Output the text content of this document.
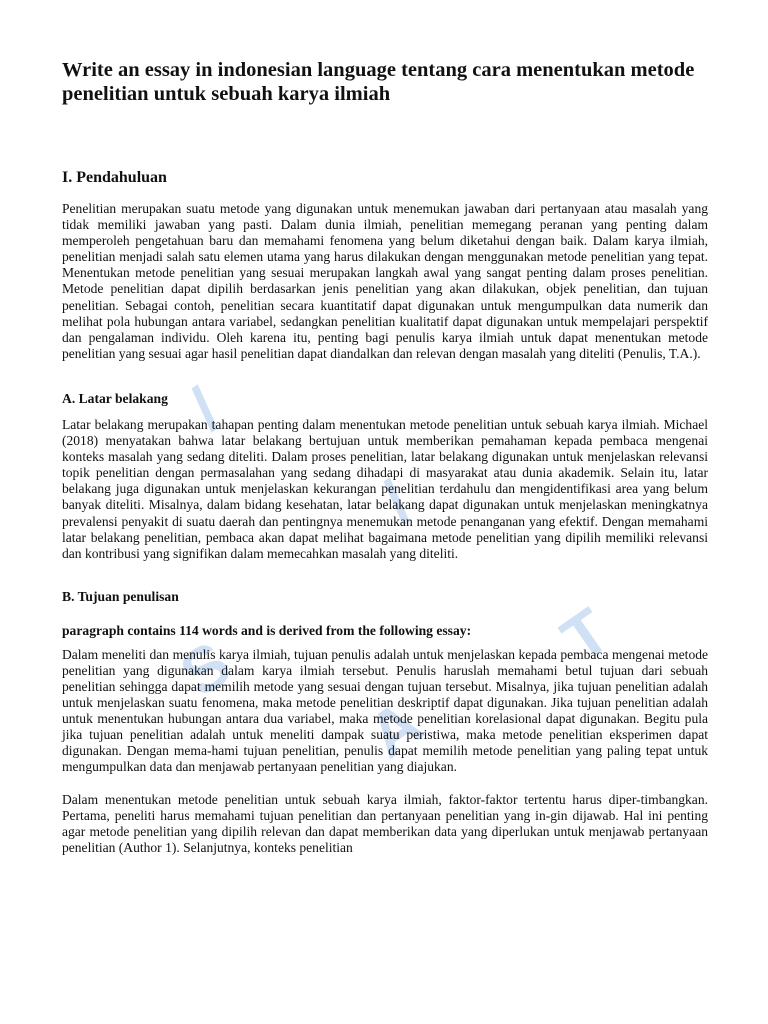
/
/
S
A
T
Write an essay in indonesian language tentang cara menentukan metode penelitian untuk sebuah karya ilmiah
I. Pendahuluan

Penelitian merupakan suatu metode yang digunakan untuk menemukan jawaban dari pertanyaan atau masalah yang tidak memiliki jawaban yang pasti. Dalam dunia ilmiah, penelitian memegang peranan yang penting dalam memperoleh pengetahuan baru dan memahami fenomena yang belum diketahui dengan baik. Dalam karya ilmiah, penelitian menjadi salah satu elemen utama yang harus dilakukan dengan menggunakan metode penelitian yang tepat. Menentukan metode penelitian yang sesuai merupakan langkah awal yang sangat penting dalam proses penelitian. Metode penelitian dapat dipilih berdasarkan jenis penelitian yang akan dilakukan, objek penelitian, dan tujuan penelitian. Sebagai contoh, penelitian secara kuantitatif dapat digunakan untuk mengumpulkan data numerik dan melihat pola hubungan antara variabel, sedangkan penelitian kualitatif dapat digunakan untuk mempelajari perspektif dan pengalaman individu. Oleh karena itu, penting bagi penulis karya ilmiah untuk dapat menentukan metode penelitian yang sesuai agar hasil penelitian dapat diandalkan dan relevan dengan masalah yang diteliti (Penulis, T.A.).

A. Latar belakang

Latar belakang merupakan tahapan penting dalam menentukan metode penelitian untuk sebuah karya ilmiah. Michael (2018) menyatakan bahwa latar belakang bertujuan untuk memberikan pemahaman kepada pembaca mengenai konteks masalah yang sedang diteliti. Dalam proses penelitian, latar belakang digunakan untuk menjelaskan relevansi topik penelitian dengan permasalahan yang sedang dihadapi di masyarakat atau dunia akademik. Selain itu, latar belakang juga digunakan untuk menjelaskan kekurangan penelitian terdahulu dan mengidentifikasi area yang belum banyak diteliti. Misalnya, dalam bidang kesehatan, latar belakang dapat digunakan untuk menjelaskan meningkatnya prevalensi penyakit di suatu daerah dan pentingnya menemukan metode penanganan yang efektif. Dengan memahami latar belakang penelitian, pembaca akan dapat melihat bagaimana metode penelitian yang dipilih memiliki relevansi dan kontribusi yang signifikan dalam memecahkan masalah yang diteliti.

B. Tujuan penulisan
paragraph contains 114 words and is derived from the following essay:

Dalam meneliti dan menulis karya ilmiah, tujuan penulis adalah untuk menjelaskan kepada pembaca mengenai metode penelitian yang digunakan dalam karya ilmiah tersebut. Penulis haruslah memahami betul tujuan dari sebuah penelitian sehingga dapat memilih metode yang sesuai dengan tujuan tersebut. Misalnya, jika tujuan penelitian adalah untuk menjelaskan suatu fenomena, maka metode penelitian deskriptif dapat digunakan. Jika tujuan penelitian adalah untuk menentukan hubungan antara dua variabel, maka metode penelitian korelasional dapat digunakan. Begitu pula jika tujuan penelitian adalah untuk meneliti dampak suatu peristiwa, maka metode penelitian eksperimen dapat digunakan. Dengan mema-hami tujuan penelitian, penulis dapat memilih metode penelitian yang paling tepat untuk mengumpulkan data dan menjawab pertanyaan penelitian yang diajukan.

Dalam menentukan metode penelitian untuk sebuah karya ilmiah, faktor-faktor tertentu harus diper-timbangkan. Pertama, peneliti harus memahami tujuan penelitian dan pertanyaan penelitian yang in-gin dijawab. Hal ini penting agar metode penelitian yang dipilih relevan dan dapat memberikan data yang diperlukan untuk menjawab pertanyaan penelitian (Author 1). Selanjutnya, konteks penelitian
